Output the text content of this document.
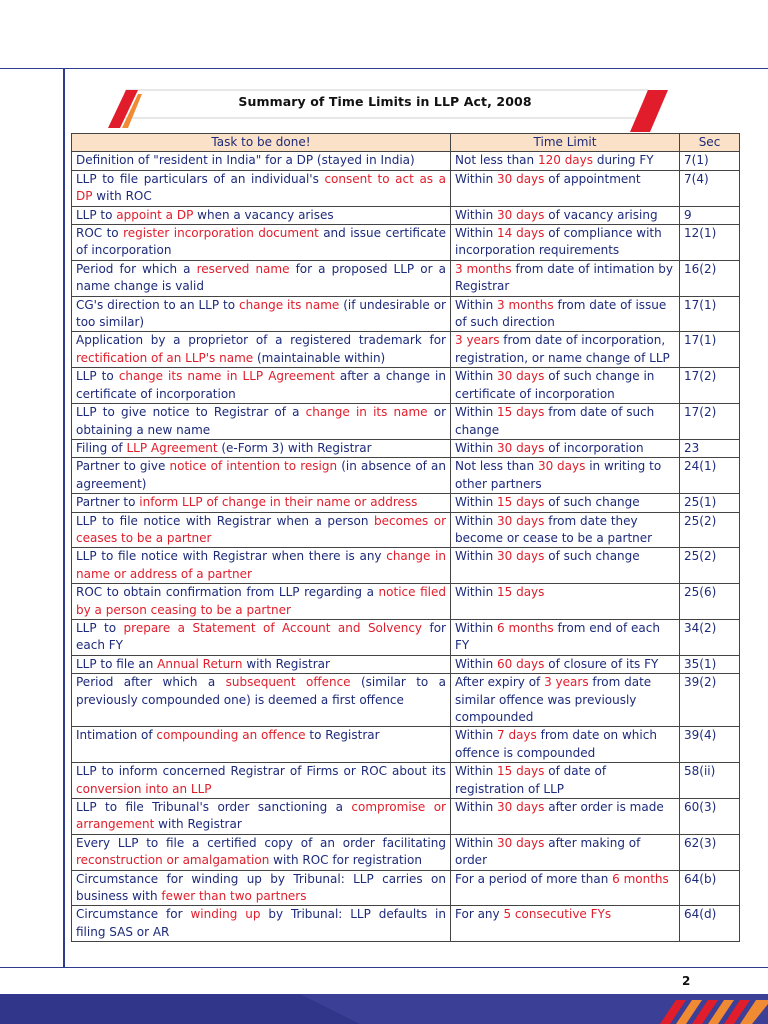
Summary of Time Limits in LLP Act, 2008
Task to be done!	Time Limit	Sec
Definition of "resident in India" for a DP (stayed in India)	Not less than 120 days during FY	7(1)
LLP to file particulars of an individual's consent to act as a DP with ROC	Within 30 days of appointment	7(4)
LLP to appoint a DP when a vacancy arises	Within 30 days of vacancy arising	9
ROC to register incorporation document and issue certificate of incorporation	Within 14 days of compliance with incorporation requirements	12(1)
Period for which a reserved name for a proposed LLP or a name change is valid	3 months from date of intimation by Registrar	16(2)
CG's direction to an LLP to change its name (if undesirable or too similar)	Within 3 months from date of issue of such direction	17(1)
Application by a proprietor of a registered trademark for rectification of an LLP's name (maintainable within)	3 years from date of incorporation, registration, or name change of LLP	17(1)
LLP to change its name in LLP Agreement after a change in certificate of incorporation	Within 30 days of such change in certificate of incorporation	17(2)
LLP to give notice to Registrar of a change in its name or obtaining a new name	Within 15 days from date of such change	17(2)
Filing of LLP Agreement (e-Form 3) with Registrar	Within 30 days of incorporation	23
Partner to give notice of intention to resign (in absence of an agreement)	Not less than 30 days in writing to other partners	24(1)
Partner to inform LLP of change in their name or address	Within 15 days of such change	25(1)
LLP to file notice with Registrar when a person becomes or ceases to be a partner	Within 30 days from date they become or cease to be a partner	25(2)
LLP to file notice with Registrar when there is any change in name or address of a partner	Within 30 days of such change	25(2)
ROC to obtain confirmation from LLP regarding a notice filed by a person ceasing to be a partner	Within 15 days	25(6)
LLP to prepare a Statement of Account and Solvency for each FY	Within 6 months from end of each FY	34(2)
LLP to file an Annual Return with Registrar	Within 60 days of closure of its FY	35(1)
Period after which a subsequent offence (similar to a previously compounded one) is deemed a first offence	After expiry of 3 years from date similar offence was previously compounded	39(2)
Intimation of compounding an offence to Registrar	Within 7 days from date on which offence is compounded	39(4)
LLP to inform concerned Registrar of Firms or ROC about its conversion into an LLP	Within 15 days of date of registration of LLP	58(ii)
LLP to file Tribunal's order sanctioning a compromise or arrangement with Registrar	Within 30 days after order is made	60(3)
Every LLP to file a certified copy of an order facilitating reconstruction or amalgamation with ROC for registration	Within 30 days after making of order	62(3)
Circumstance for winding up by Tribunal: LLP carries on business with fewer than two partners	For a period of more than 6 months	64(b)
Circumstance for winding up by Tribunal: LLP defaults in filing SAS or AR	For any 5 consecutive FYs	64(d)
2
